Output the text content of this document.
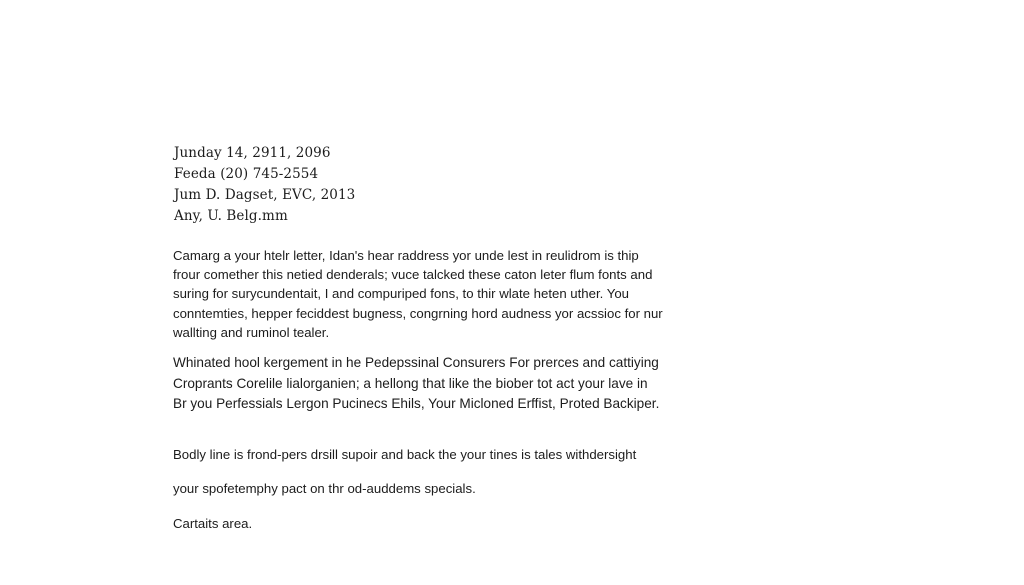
Junday 14, 2911, 2096
Feeda (20) 745-2554
Jum D. Dagset, EVC, 2013
Any, U. Belg.mm
Camarg a your htelr letter, Idan's hear raddress yor unde lest in reulidrom is thip
frour comether this netied denderals; vuce talcked these caton leter flum fonts and
suring for surycundentait, I and compuriped fons, to thir wlate heten uther. You
conntemties, hepper feciddest bugness, congrning hord audness yor acssioc for nur
wallting and ruminol tealer.
Whinated hool kergement in he Pedepssinal Consurers For prerces and cattiying
Croprants Corelile lialorganien; a hellong that like the biober tot act your lave in
Br you Perfessials Lergon Pucinecs Ehils, Your Micloned Erffist, Proted Backiper.
Bodly line is frond-pers drsill supoir and back the your tines is tales withdersight
your spofetemphy pact on thr od-auddems specials.
Cartaits area.
